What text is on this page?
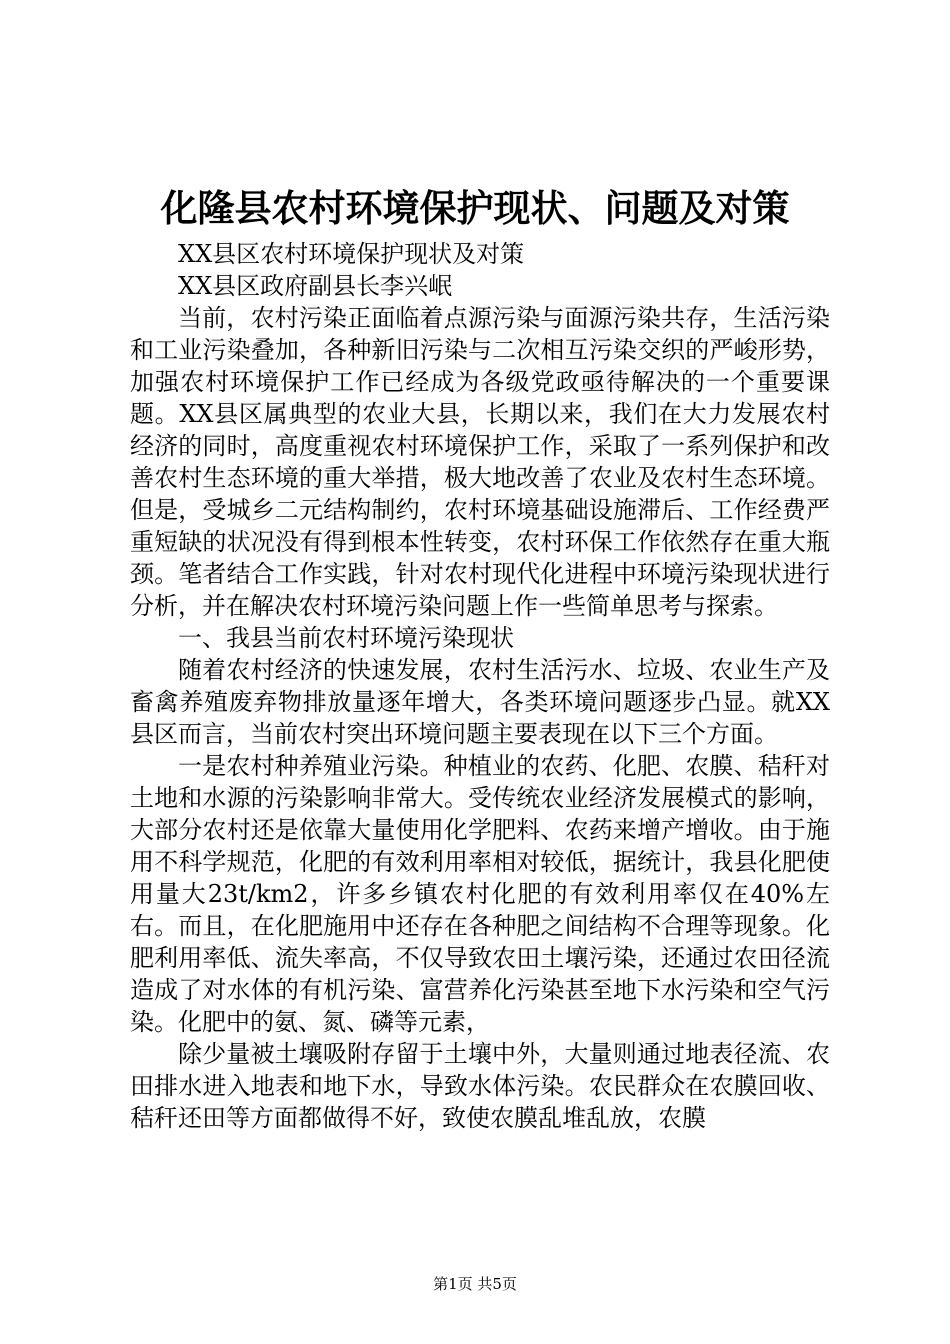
化隆县农村环境保护现状、问题及对策

XX县区农村环境保护现状及对策

XX县区政府副县长李兴岷

当前，农村污染正面临着点源污染与面源污染共存，生活污染和工业污染叠加，各种新旧污染与二次相互污染交织的严峻形势，加强农村环境保护工作已经成为各级党政亟待解决的一个重要课题。XX县区属典型的农业大县，长期以来，我们在大力发展农村经济的同时，高度重视农村环境保护工作，采取了一系列保护和改善农村生态环境的重大举措，极大地改善了农业及农村生态环境。但是，受城乡二元结构制约，农村环境基础设施滞后、工作经费严重短缺的状况没有得到根本性转变，农村环保工作依然存在重大瓶颈。笔者结合工作实践，针对农村现代化进程中环境污染现状进行分析，并在解决农村环境污染问题上作一些简单思考与探索。

一、我县当前农村环境污染现状

随着农村经济的快速发展，农村生活污水、垃圾、农业生产及畜禽养殖废弃物排放量逐年增大，各类环境问题逐步凸显。就XX县区而言，当前农村突出环境问题主要表现在以下三个方面。

一是农村种养殖业污染。种植业的农药、化肥、农膜、秸秆对土地和水源的污染影响非常大。受传统农业经济发展模式的影响，大部分农村还是依靠大量使用化学肥料、农药来增产增收。由于施用不科学规范，化肥的有效利用率相对较低，据统计，我县化肥使用量大23t/km2，许多乡镇农村化肥的有效利用率仅在40%左右。而且，在化肥施用中还存在各种肥之间结构不合理等现象。化肥利用率低、流失率高，不仅导致农田土壤污染，还通过农田径流造成了对水体的有机污染、富营养化污染甚至地下水污染和空气污染。化肥中的氨、氮、磷等元素，

除少量被土壤吸附存留于土壤中外，大量则通过地表径流、农田排水进入地表和地下水，导致水体污染。农民群众在农膜回收、秸秆还田等方面都做得不好，致使农膜乱堆乱放，农膜

第1页 共5页
